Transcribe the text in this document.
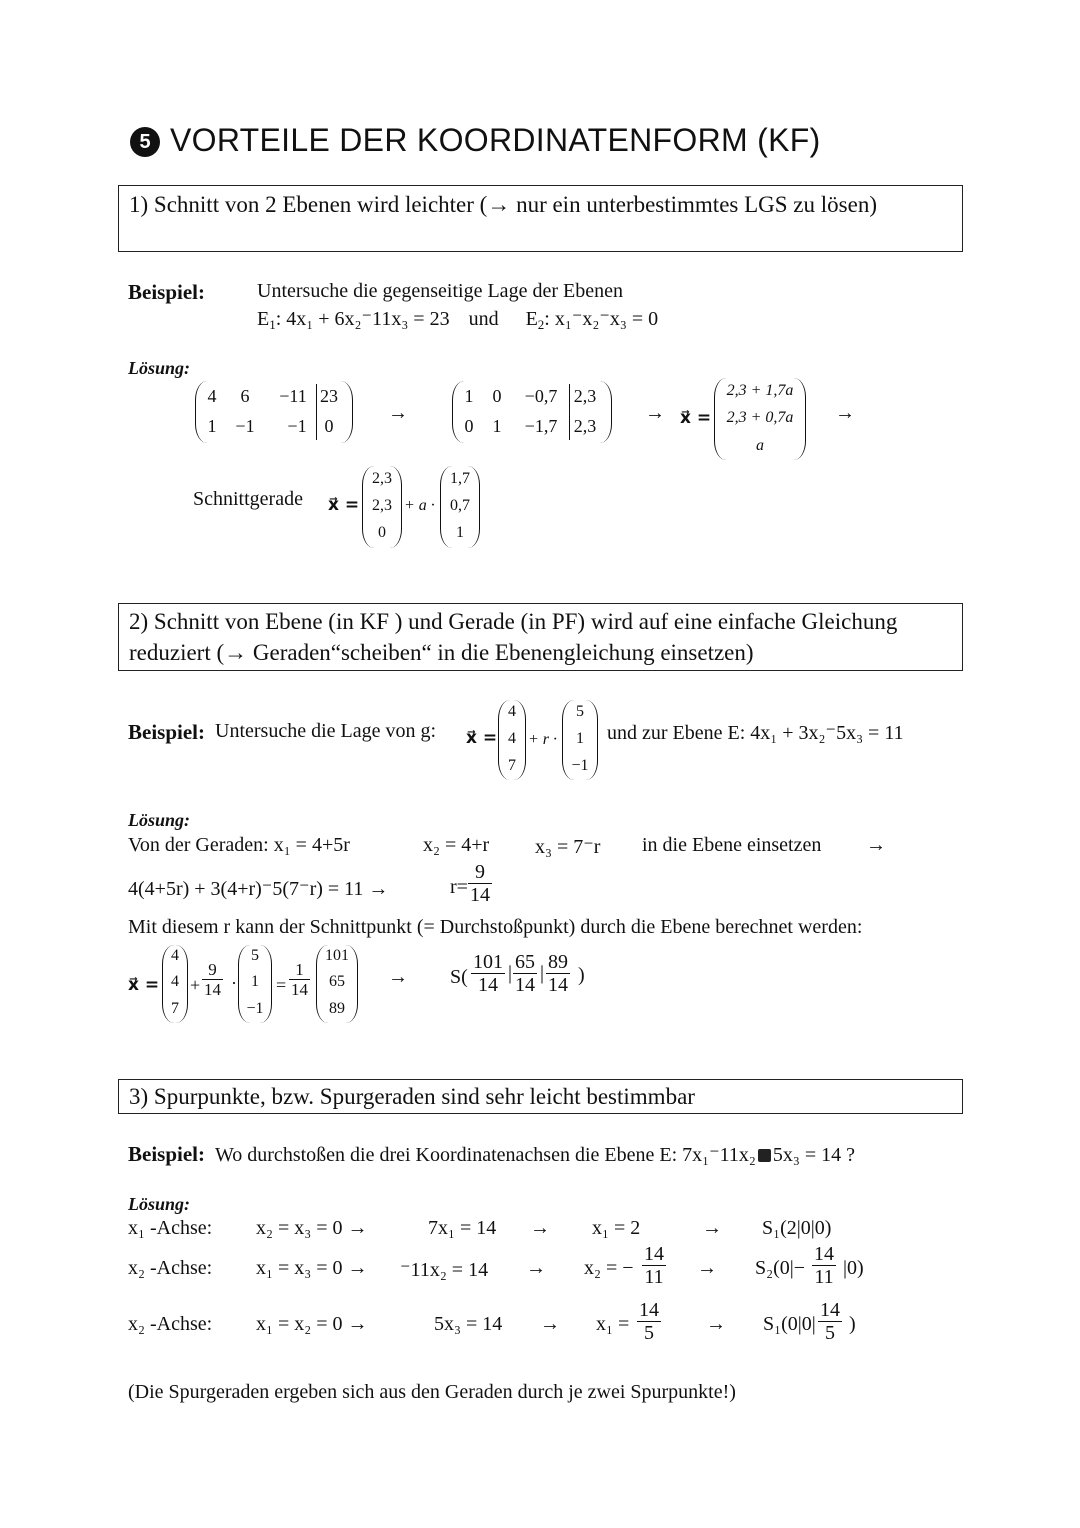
5 VORTEILE DER KOORDINATENFORM (KF)
1) Schnitt von 2 Ebenen wird leichter (→ nur ein unterbestimmtes LGS zu lösen)
Beispiel:	Untersuche die gegenseitige Lage der Ebenen
$E_1$: 4x₁ + 6x₂⁻11x₃ = 23 und $E_2$: x₁⁻x₂⁻x₃ = 0
Lösung:
4	6	−11 23
1	−1	−1 0
→
1	0	−0,7 2,3
0	1	−1,7 2,3
→ x⃗ =
2,3 + 1,7a
2,3 + 0,7a
a
→
Schnittgerade x⃗ =
2,3
2,3
0
+ a ·
1,7
0,7
1
2) Schnitt von Ebene (in KF ) und Gerade (in PF) wird auf eine einfache Gleichung reduziert (→ Geraden“scheiben“ in die Ebenengleichung einsetzen)
Beispiel: Untersuche die Lage von g: x⃗ =
4
4
7
+ r ·
5
1
−1
und zur Ebene E: 4x₁ + 3x₂⁻5x₃ = 11
Lösung:
Von der Geraden: x₁ = 4+5r	x₂ = 4+r x₃ = 7⁻r in die Ebene einsetzen →
4(4+5r) + 3(4+r)⁻5(7⁻r) = 11 →	$r= \frac{9}{14}$
Mit diesem r kann der Schnittpunkt (= Durchstoßpunkt) durch die Ebene berechnet werden:
x⃗ =
4
4
7
+ $\frac{9}{14}$ ·
5
1
−1
= $\frac{1}{14}$
101
65
89
→ $S( \frac{101}{14}$ | $\frac{65}{14}$ | $\frac{89}{14}$ )
3) Spurpunkte, bzw. Spurgeraden sind sehr leicht bestimmbar
Beispiel: Wo durchstoßen die drei Koordinatenachsen die Ebene E: 7x₁⁻11x₂ 5x₃ = 14 ?
Lösung:
x₁ -Achse: x₂ = x₃ = 0 →	7x₁ = 14 → x₁ = 2	→ S₁(2|0|0)
x₂ -Achse: x₁ = x₃ = 0 → ⁻11x₂ = 14 → x₂ = − $\frac{14}{11} \to S_2(0|- \frac{14}{11} |0)$
x₂ -Achse: x₁ = x₂ = 0 →	$5x_3 = 14 \to x_1 = \frac{14}{5} \to S_1(0|0| \frac{14}{5}$ )
(Die Spurgeraden ergeben sich aus den Geraden durch je zwei Spurpunkte!)
